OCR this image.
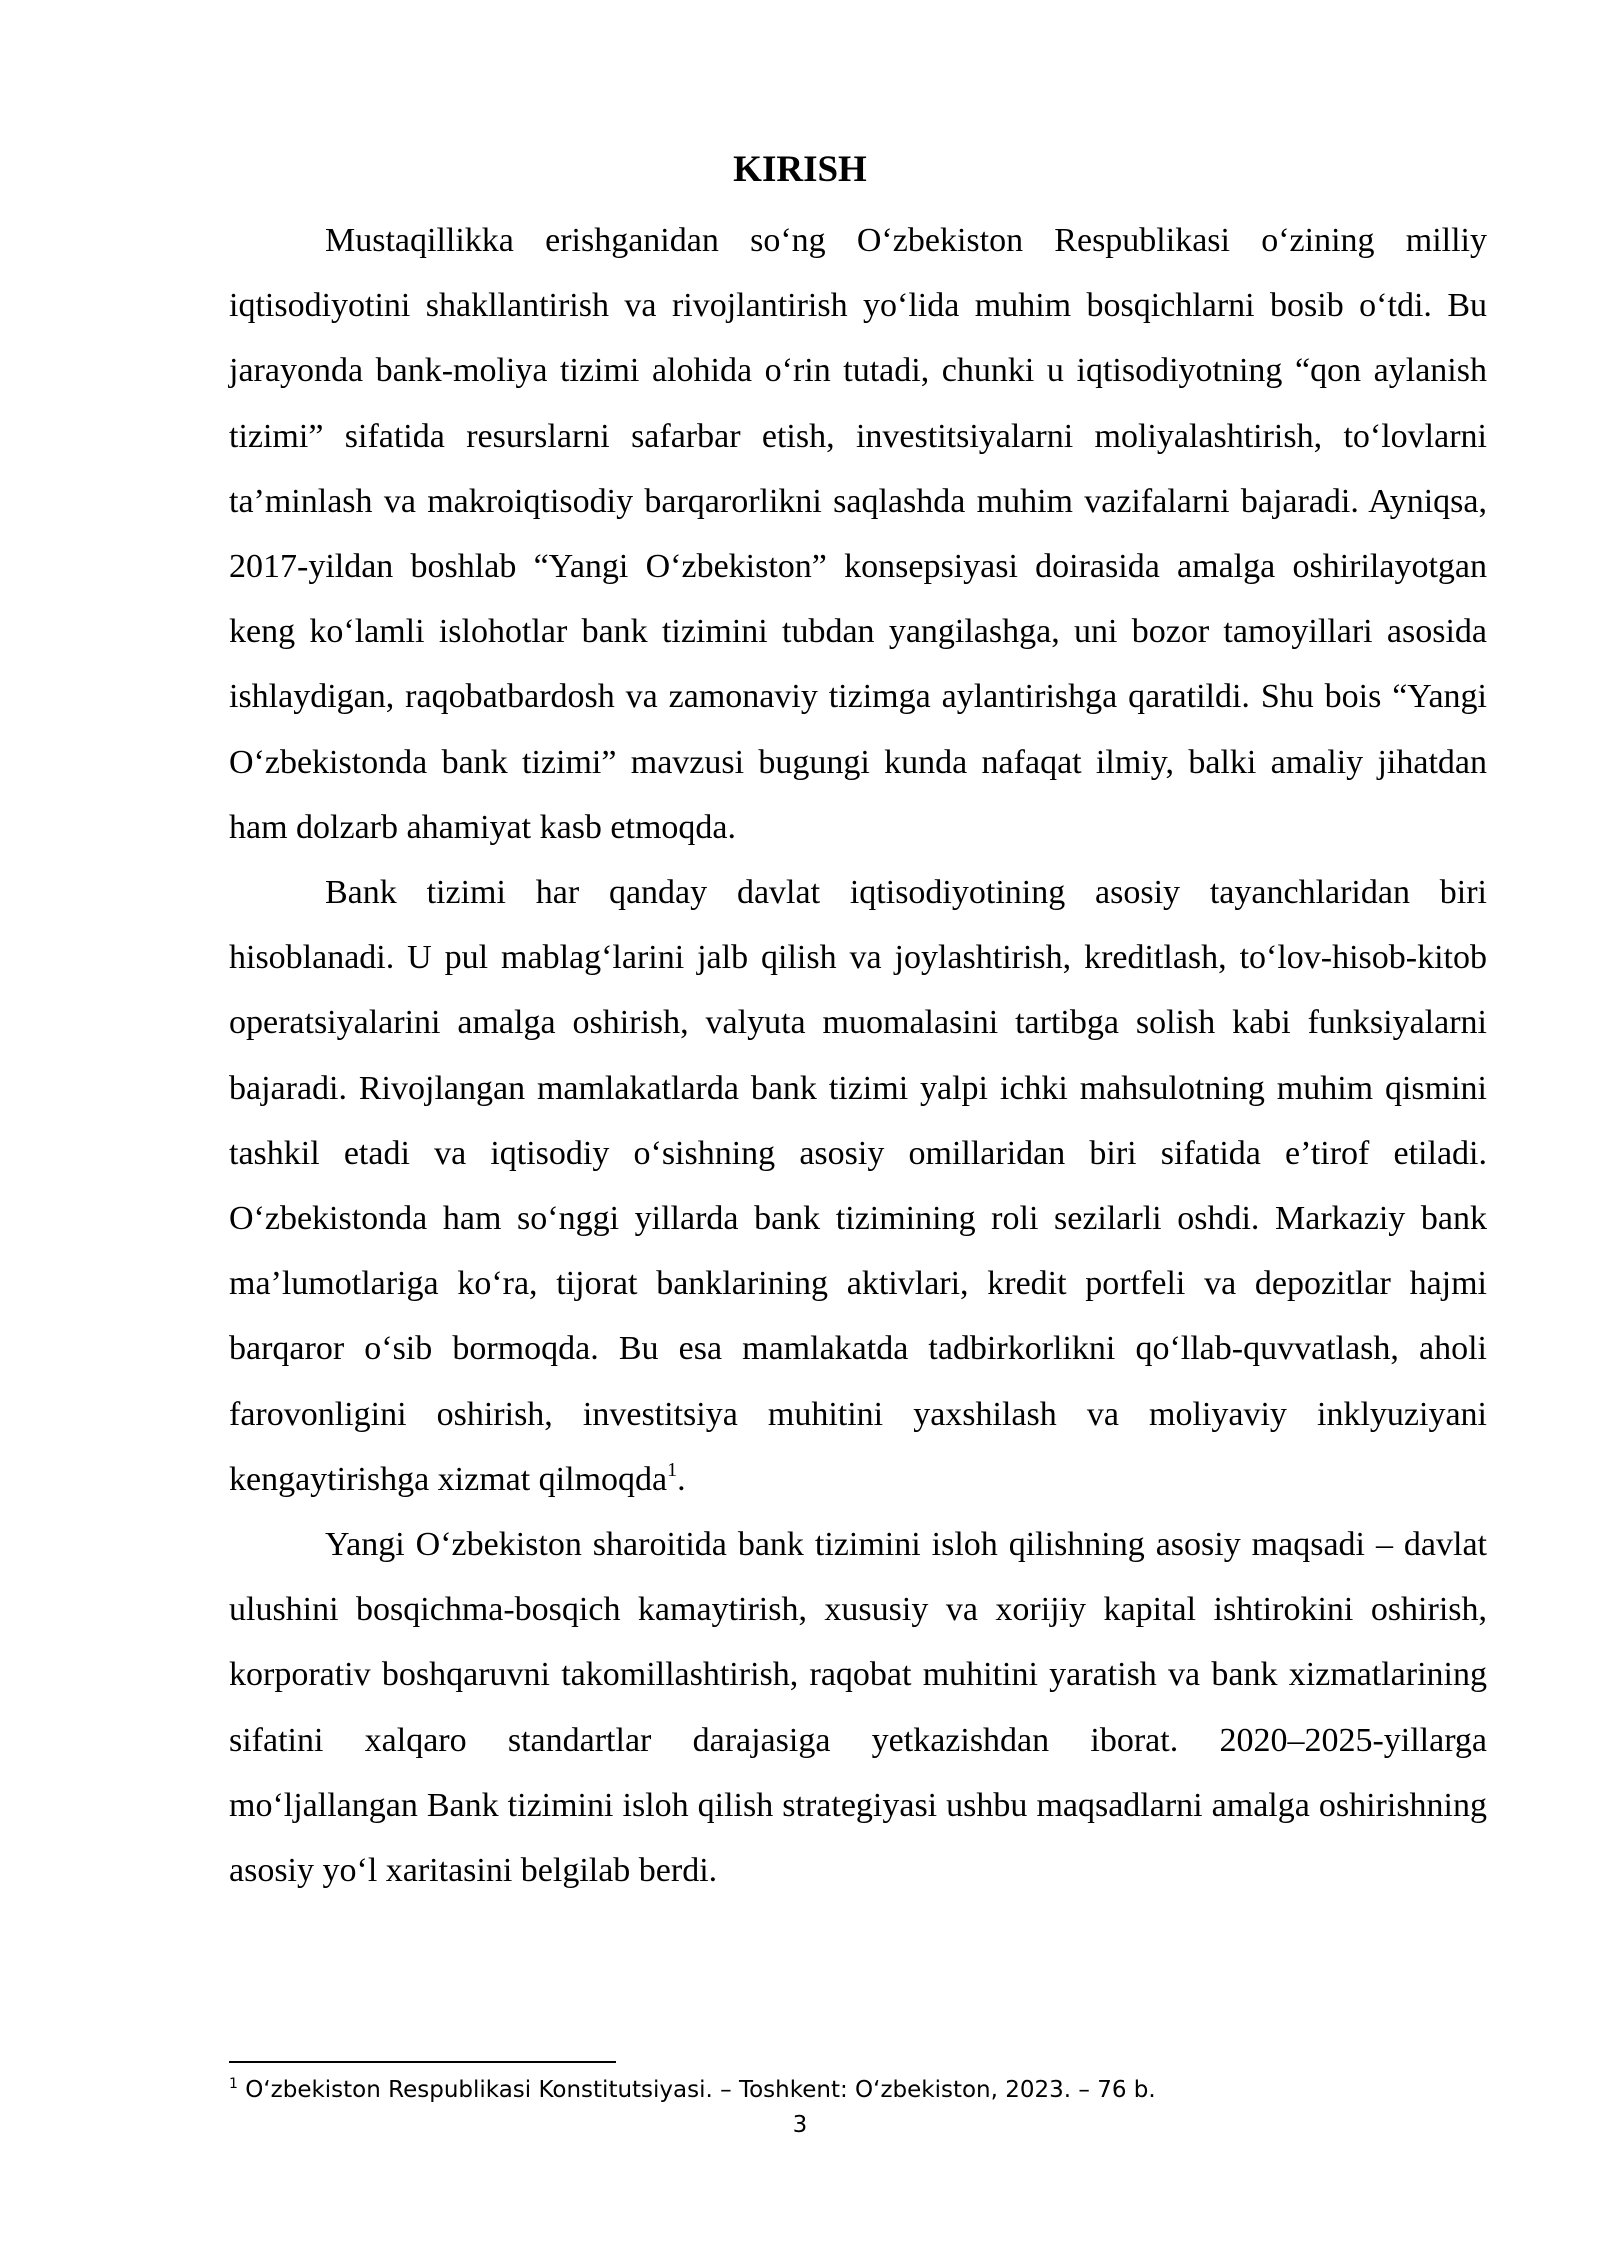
KIRISH

Mustaqillikka erishganidan so‘ng O‘zbekiston Respublikasi o‘zining milliy iqtisodiyotini shakllantirish va rivojlantirish yo‘lida muhim bosqichlarni bosib o‘tdi. Bu jarayonda bank-moliya tizimi alohida o‘rin tutadi, chunki u iqtisodiyotning “qon aylanish tizimi” sifatida resurslarni safarbar etish, investitsiyalarni moliyalashtirish, to‘lovlarni ta’minlash va makroiqtisodiy barqarorlikni saqlashda muhim vazifalarni bajaradi. Ayniqsa, 2017-yildan boshlab “Yangi O‘zbekiston” konsepsiyasi doirasida amalga oshirilayotgan keng ko‘lamli islohotlar bank tizimini tubdan yangilashga, uni bozor tamoyillari asosida ishlaydigan, raqobatbardosh va zamonaviy tizimga aylantirishga qaratildi. Shu bois “Yangi O‘zbekistonda bank tizimi” mavzusi bugungi kunda nafaqat ilmiy, balki amaliy jihatdan ham dolzarb ahamiyat kasb etmoqda.

Bank tizimi har qanday davlat iqtisodiyotining asosiy tayanchlaridan biri hisoblanadi. U pul mablag‘larini jalb qilish va joylashtirish, kreditlash, to‘lov-hisob-kitob operatsiyalarini amalga oshirish, valyuta muomalasini tartibga solish kabi funksiyalarni bajaradi. Rivojlangan mamlakatlarda bank tizimi yalpi ichki mahsulotning muhim qismini tashkil etadi va iqtisodiy o‘sishning asosiy omillaridan biri sifatida e’tirof etiladi. O‘zbekistonda ham so‘nggi yillarda bank tizimining roli sezilarli oshdi. Markaziy bank ma’lumotlariga ko‘ra, tijorat banklarining aktivlari, kredit portfeli va depozitlar hajmi barqaror o‘sib bormoqda. Bu esa mamlakatda tadbirkorlikni qo‘llab-quvvatlash, aholi farovonligini oshirish, investitsiya muhitini yaxshilash va moliyaviy inklyuziyani kengaytirishga xizmat qilmoqda$^1$.

Yangi O‘zbekiston sharoitida bank tizimini isloh qilishning asosiy maqsadi – davlat ulushini bosqichma-bosqich kamaytirish, xususiy va xorijiy kapital ishtirokini oshirish, korporativ boshqaruvni takomillashtirish, raqobat muhitini yaratish va bank xizmatlarining sifatini xalqaro standartlar darajasiga yetkazishdan iborat. 2020–2025-yillarga mo‘ljallangan Bank tizimini isloh qilish strategiyasi ushbu maqsadlarni amalga oshirishning asosiy yo‘l xaritasini belgilab berdi.

$^1$ O‘zbekiston Respublikasi Konstitutsiyasi. – Toshkent: O‘zbekiston, 2023. – 76 b.
3
